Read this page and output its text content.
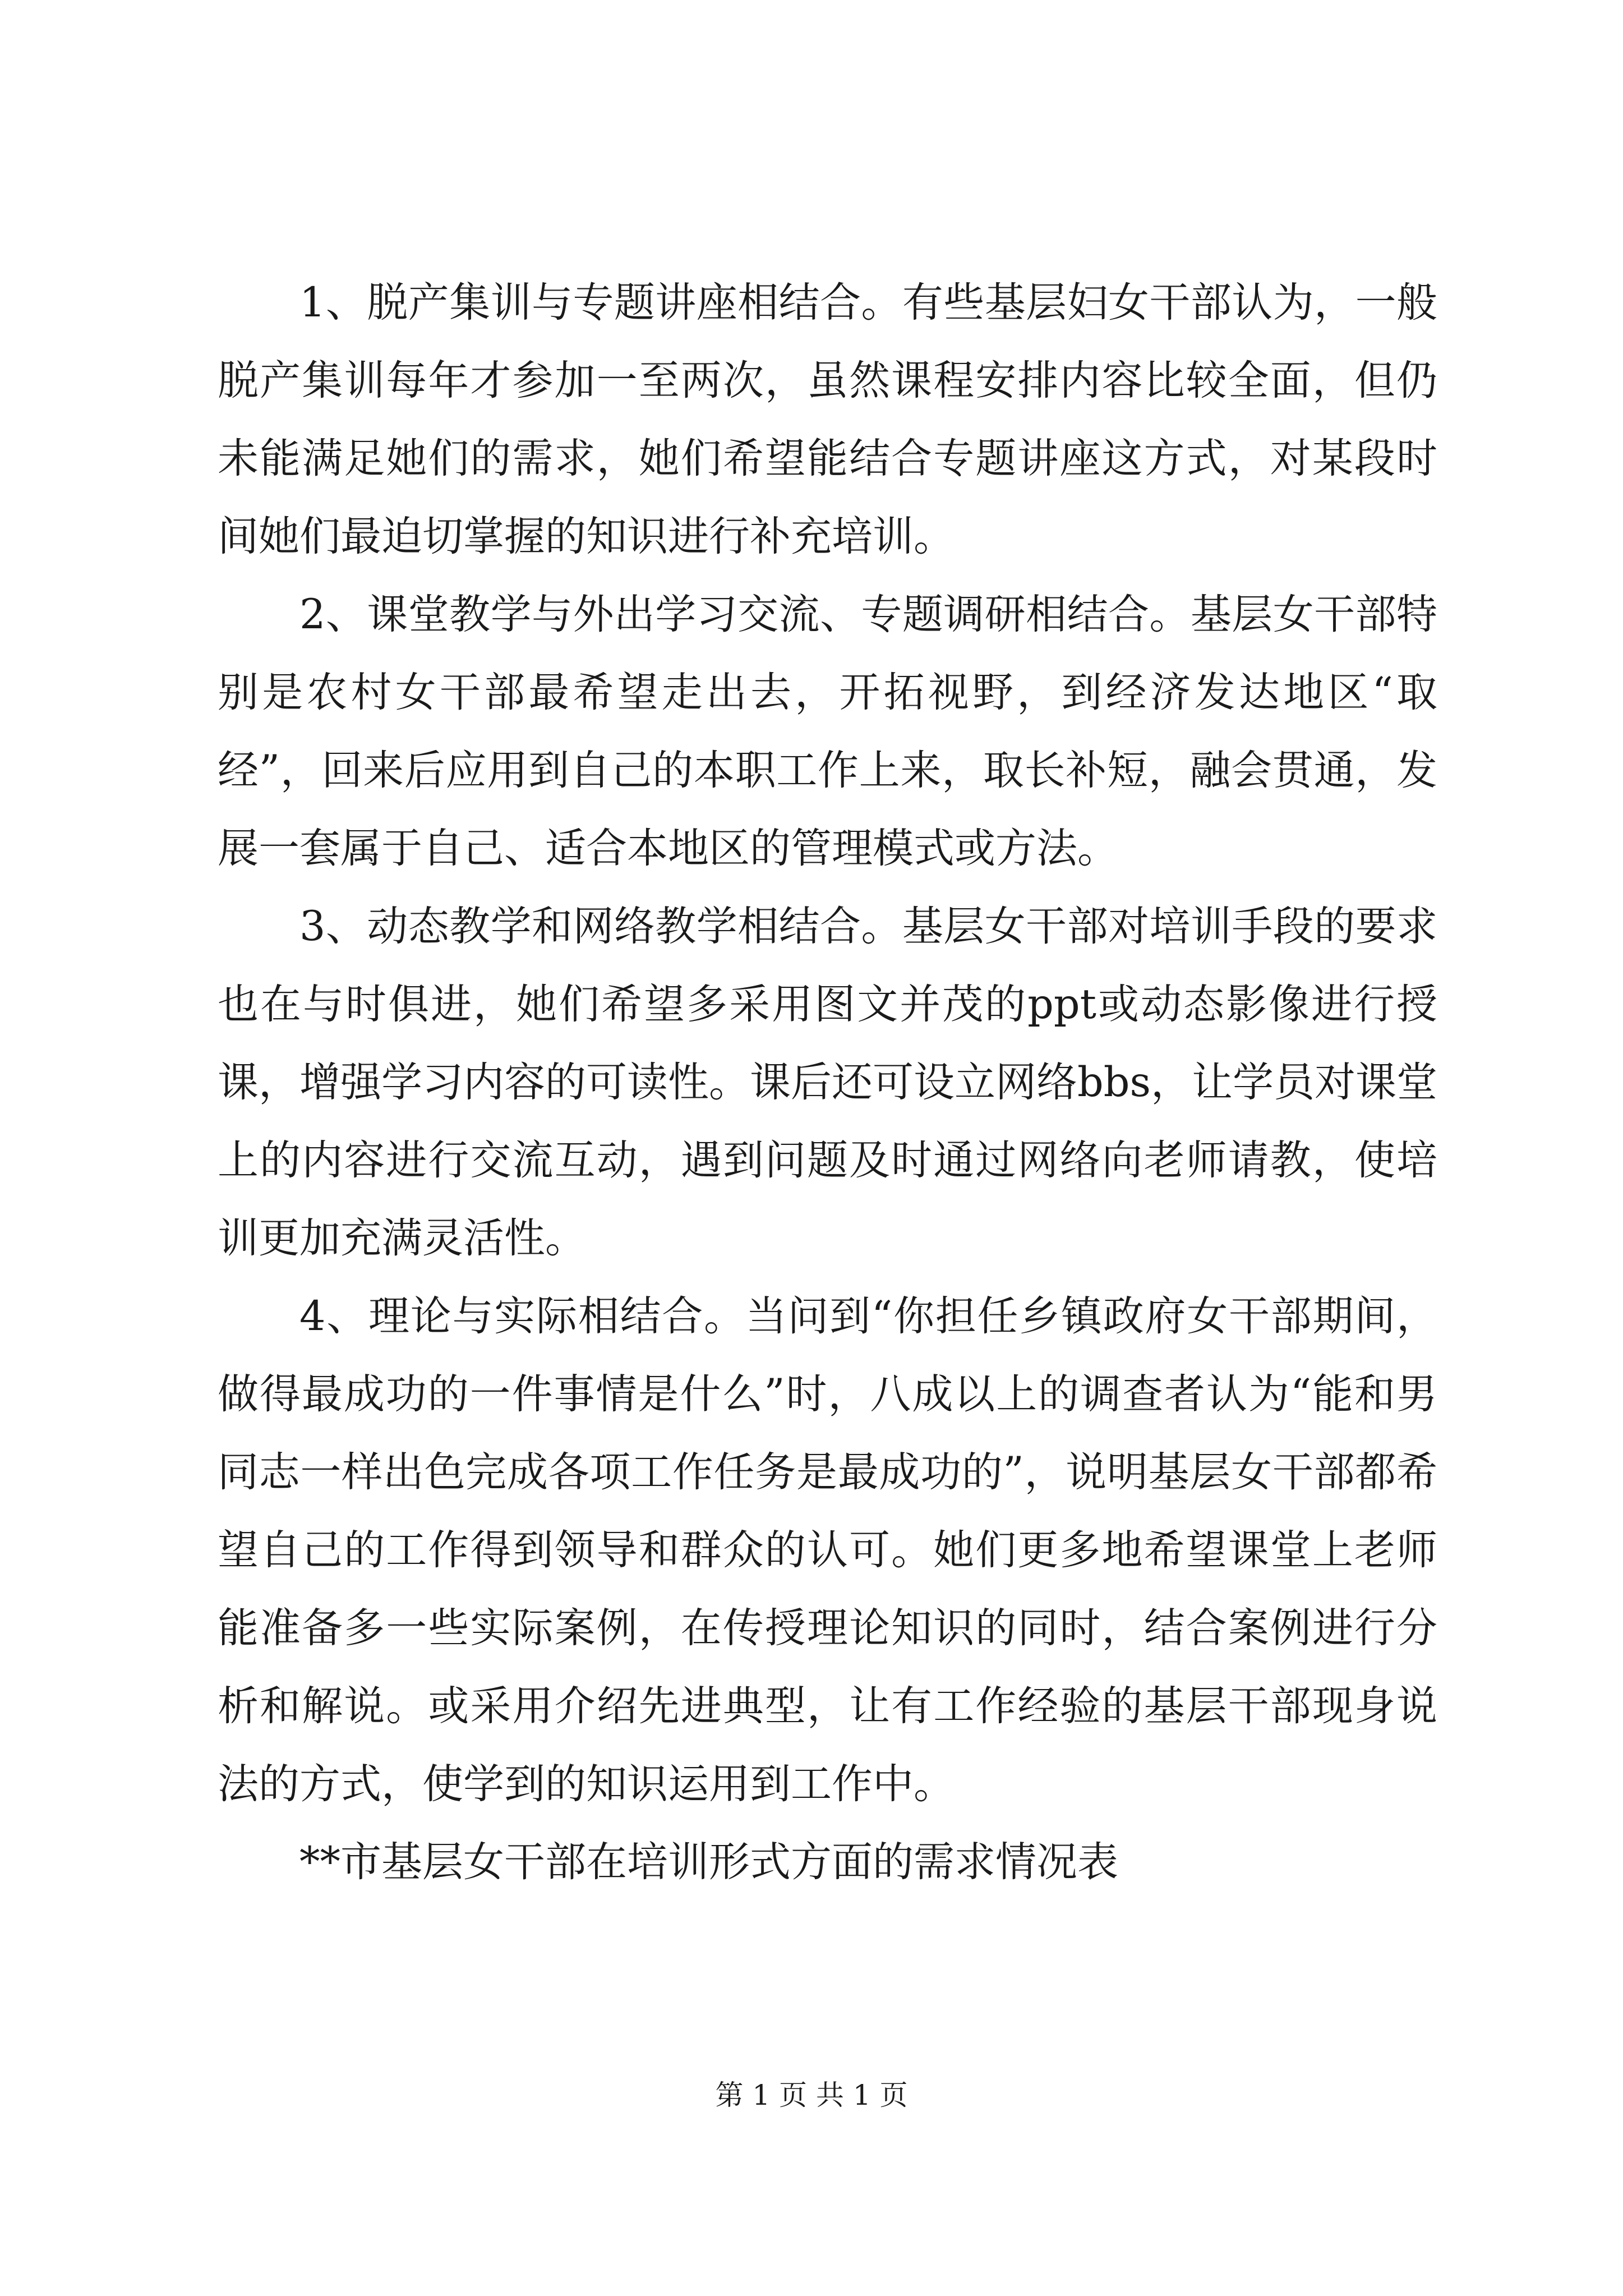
1、脱产集训与专题讲座相结合。有些基层妇女干部认为，一般脱产集训每年才参加一至两次，虽然课程安排内容比较全面，但仍未能满足她们的需求，她们希望能结合专题讲座这方式，对某段时间她们最迫切掌握的知识进行补充培训。

2、课堂教学与外出学习交流、专题调研相结合。基层女干部特别是农村女干部最希望走出去，开拓视野，到经济发达地区“取经”，回来后应用到自己的本职工作上来，取长补短，融会贯通，发展一套属于自己、适合本地区的管理模式或方法。

3、动态教学和网络教学相结合。基层女干部对培训手段的要求也在与时俱进，她们希望多采用图文并茂的ppt或动态影像进行授课，增强学习内容的可读性。课后还可设立网络bbs，让学员对课堂上的内容进行交流互动，遇到问题及时通过网络向老师请教，使培训更加充满灵活性。

4、理论与实际相结合。当问到“你担任乡镇政府女干部期间，做得最成功的一件事情是什么”时，八成以上的调查者认为“能和男同志一样出色完成各项工作任务是最成功的”，说明基层女干部都希望自己的工作得到领导和群众的认可。她们更多地希望课堂上老师能准备多一些实际案例，在传授理论知识的同时，结合案例进行分析和解说。或采用介绍先进典型，让有工作经验的基层干部现身说法的方式，使学到的知识运用到工作中。

**市基层女干部在培训形式方面的需求情况表

第 1 页 共 1 页
